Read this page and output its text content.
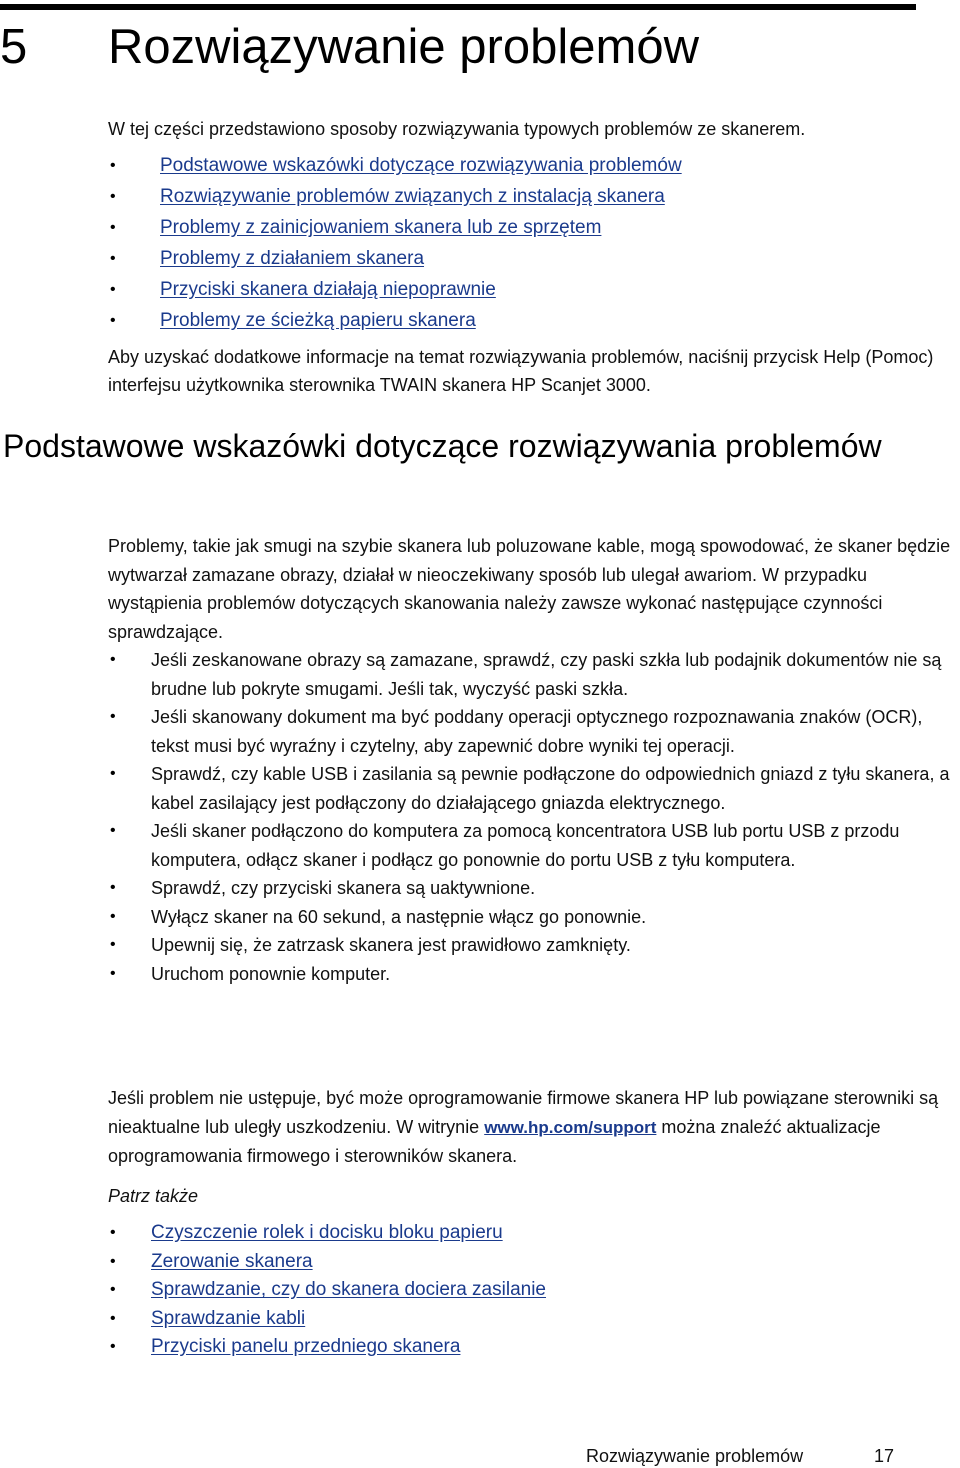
5 Rozwiązywanie problemów

W tej części przedstawiono sposoby rozwiązywania typowych problemów ze skanerem.

• Podstawowe wskazówki dotyczące rozwiązywania problemów
• Rozwiązywanie problemów związanych z instalacją skanera
• Problemy z zainicjowaniem skanera lub ze sprzętem
• Problemy z działaniem skanera
• Przyciski skanera działają niepoprawnie
• Problemy ze ścieżką papieru skanera

Aby uzyskać dodatkowe informacje na temat rozwiązywania problemów, naciśnij przycisk Help (Pomoc) interfejsu użytkownika sterownika TWAIN skanera HP Scanjet 3000.

Podstawowe wskazówki dotyczące rozwiązywania problemów

Problemy, takie jak smugi na szybie skanera lub poluzowane kable, mogą spowodować, że skaner będzie wytwarzał zamazane obrazy, działał w nieoczekiwany sposób lub ulegał awariom. W przypadku wystąpienia problemów dotyczących skanowania należy zawsze wykonać następujące czynności sprawdzające.

• Jeśli zeskanowane obrazy są zamazane, sprawdź, czy paski szkła lub podajnik dokumentów nie są brudne lub pokryte smugami. Jeśli tak, wyczyść paski szkła.
• Jeśli skanowany dokument ma być poddany operacji optycznego rozpoznawania znaków (OCR), tekst musi być wyraźny i czytelny, aby zapewnić dobre wyniki tej operacji.
• Sprawdź, czy kable USB i zasilania są pewnie podłączone do odpowiednich gniazd z tyłu skanera, a kabel zasilający jest podłączony do działającego gniazda elektrycznego.
• Jeśli skaner podłączono do komputera za pomocą koncentratora USB lub portu USB z przodu komputera, odłącz skaner i podłącz go ponownie do portu USB z tyłu komputera.
• Sprawdź, czy przyciski skanera są uaktywnione.
• Wyłącz skaner na 60 sekund, a następnie włącz go ponownie.
• Upewnij się, że zatrzask skanera jest prawidłowo zamknięty.
• Uruchom ponownie komputer.

Jeśli problem nie ustępuje, być może oprogramowanie firmowe skanera HP lub powiązane sterowniki są nieaktualne lub uległy uszkodzeniu. W witrynie www.hp.com/support można znaleźć aktualizacje oprogramowania firmowego i sterowników skanera.

Patrz także

• Czyszczenie rolek i docisku bloku papieru
• Zerowanie skanera
• Sprawdzanie, czy do skanera dociera zasilanie
• Sprawdzanie kabli
• Przyciski panelu przedniego skanera
Rozwiązywanie problemów	17
